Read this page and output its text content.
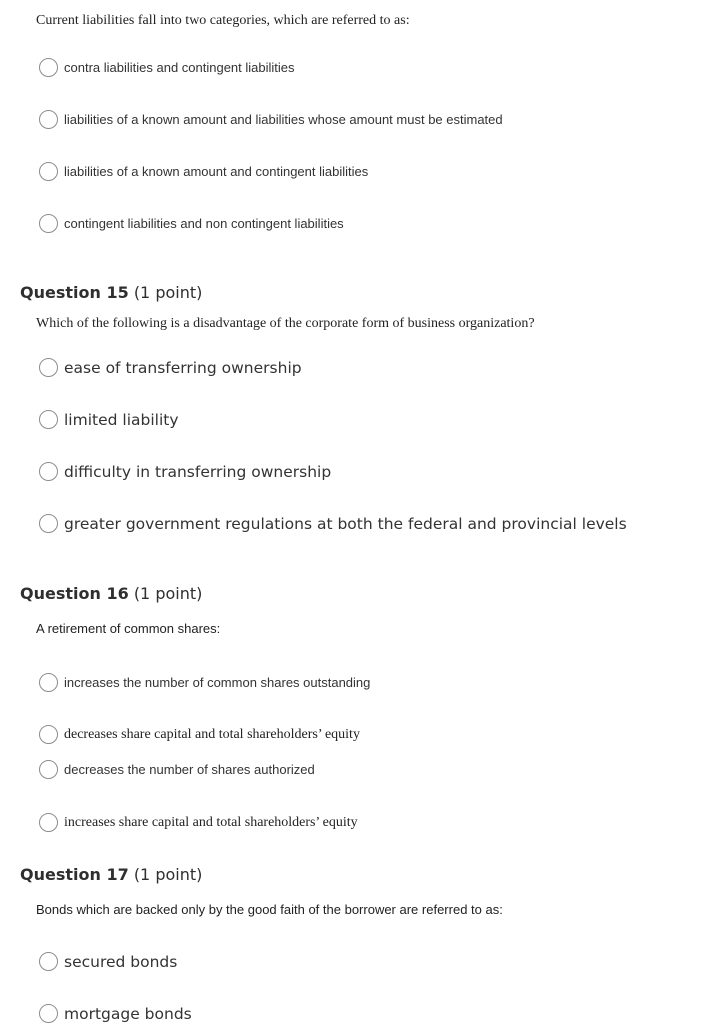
Current liabilities fall into two categories, which are referred to as:
contra liabilities and contingent liabilities
liabilities of a known amount and liabilities whose amount must be estimated
liabilities of a known amount and contingent liabilities
contingent liabilities and non contingent liabilities
Question 15 (1 point)
Which of the following is a disadvantage of the corporate form of business organization?
ease of transferring ownership
limited liability
difficulty in transferring ownership
greater government regulations at both the federal and provincial levels
Question 16 (1 point)
A retirement of common shares:
increases the number of common shares outstanding
decreases share capital and total shareholders’ equity
decreases the number of shares authorized
increases share capital and total shareholders’ equity
Question 17 (1 point)
Bonds which are backed only by the good faith of the borrower are referred to as:
secured bonds
mortgage bonds
